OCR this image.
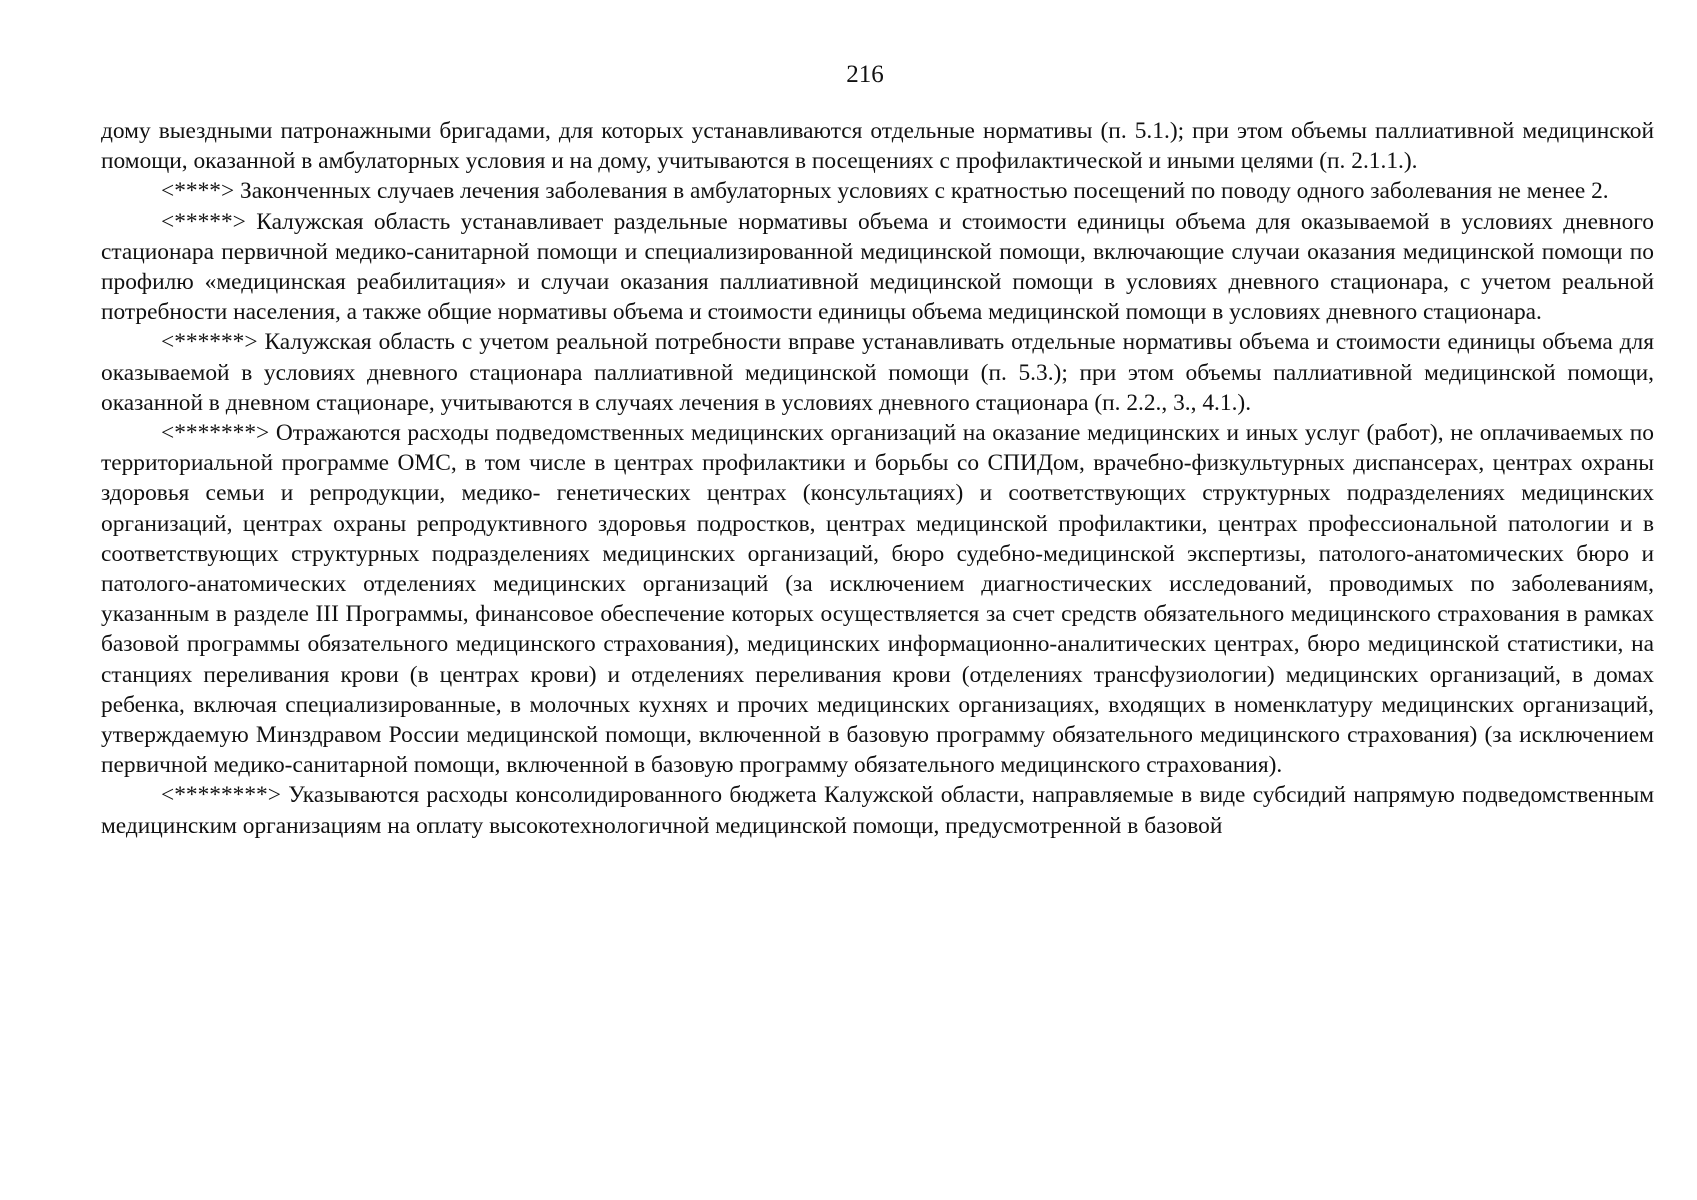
216

дому выездными патронажными бригадами, для которых устанавливаются отдельные нормативы (п. 5.1.); при этом объемы паллиативной медицинской помощи, оказанной в амбулаторных условия и на дому, учитываются в посещениях с профилактической и иными целями (п. 2.1.1.).

<****> Законченных случаев лечения заболевания в амбулаторных условиях с кратностью посещений по поводу одного заболевания не менее 2.

<*****> Калужская область устанавливает раздельные нормативы объема и стоимости единицы объема для оказываемой в условиях дневного стационара первичной медико-санитарной помощи и специализированной медицинской помощи, включающие случаи оказания медицинской помощи по профилю «медицинская реабилитация» и случаи оказания паллиативной медицинской помощи в условиях дневного стационара, с учетом реальной потребности населения, а также общие нормативы объема и стоимости единицы объема медицинской помощи в условиях дневного стационара.

<******> Калужская область с учетом реальной потребности вправе устанавливать отдельные нормативы объема и стоимости единицы объема для оказываемой в условиях дневного стационара паллиативной медицинской помощи (п. 5.3.); при этом объемы паллиативной медицинской помощи, оказанной в дневном стационаре, учитываются в случаях лечения в условиях дневного стационара (п. 2.2., 3., 4.1.).

<*******> Отражаются расходы подведомственных медицинских организаций на оказание медицинских и иных услуг (работ), не оплачиваемых по территориальной программе ОМС, в том числе в центрах профилактики и борьбы со СПИДом, врачебно-физкультурных диспансерах, центрах охраны здоровья семьи и репродукции, медико- генетических центрах (консультациях) и соответствующих структурных подразделениях медицинских организаций, центрах охраны репродуктивного здоровья подростков, центрах медицинской профилактики, центрах профессиональной патологии и в соответствующих структурных подразделениях медицинских организаций, бюро судебно-медицинской экспертизы, патолого-анатомических бюро и патолого-анатомических отделениях медицинских организаций (за исключением диагностических исследований, проводимых по заболеваниям, указанным в разделе III Программы, финансовое обеспечение которых осуществляется за счет средств обязательного медицинского страхования в рамках базовой программы обязательного медицинского страхования), медицинских информационно-аналитических центрах, бюро медицинской статистики, на станциях переливания крови (в центрах крови) и отделениях переливания крови (отделениях трансфузиологии) медицинских организаций, в домах ребенка, включая специализированные, в молочных кухнях и прочих медицинских организациях, входящих в номенклатуру медицинских организаций, утверждаемую Минздравом России медицинской помощи, включенной в базовую программу обязательного медицинского страхования) (за исключением первичной медико-санитарной помощи, включенной в базовую программу обязательного медицинского страхования).

<********> Указываются расходы консолидированного бюджета Калужской области, направляемые в виде субсидий напрямую подведомственным медицинским организациям на оплату высокотехнологичной медицинской помощи, предусмотренной в базовой
